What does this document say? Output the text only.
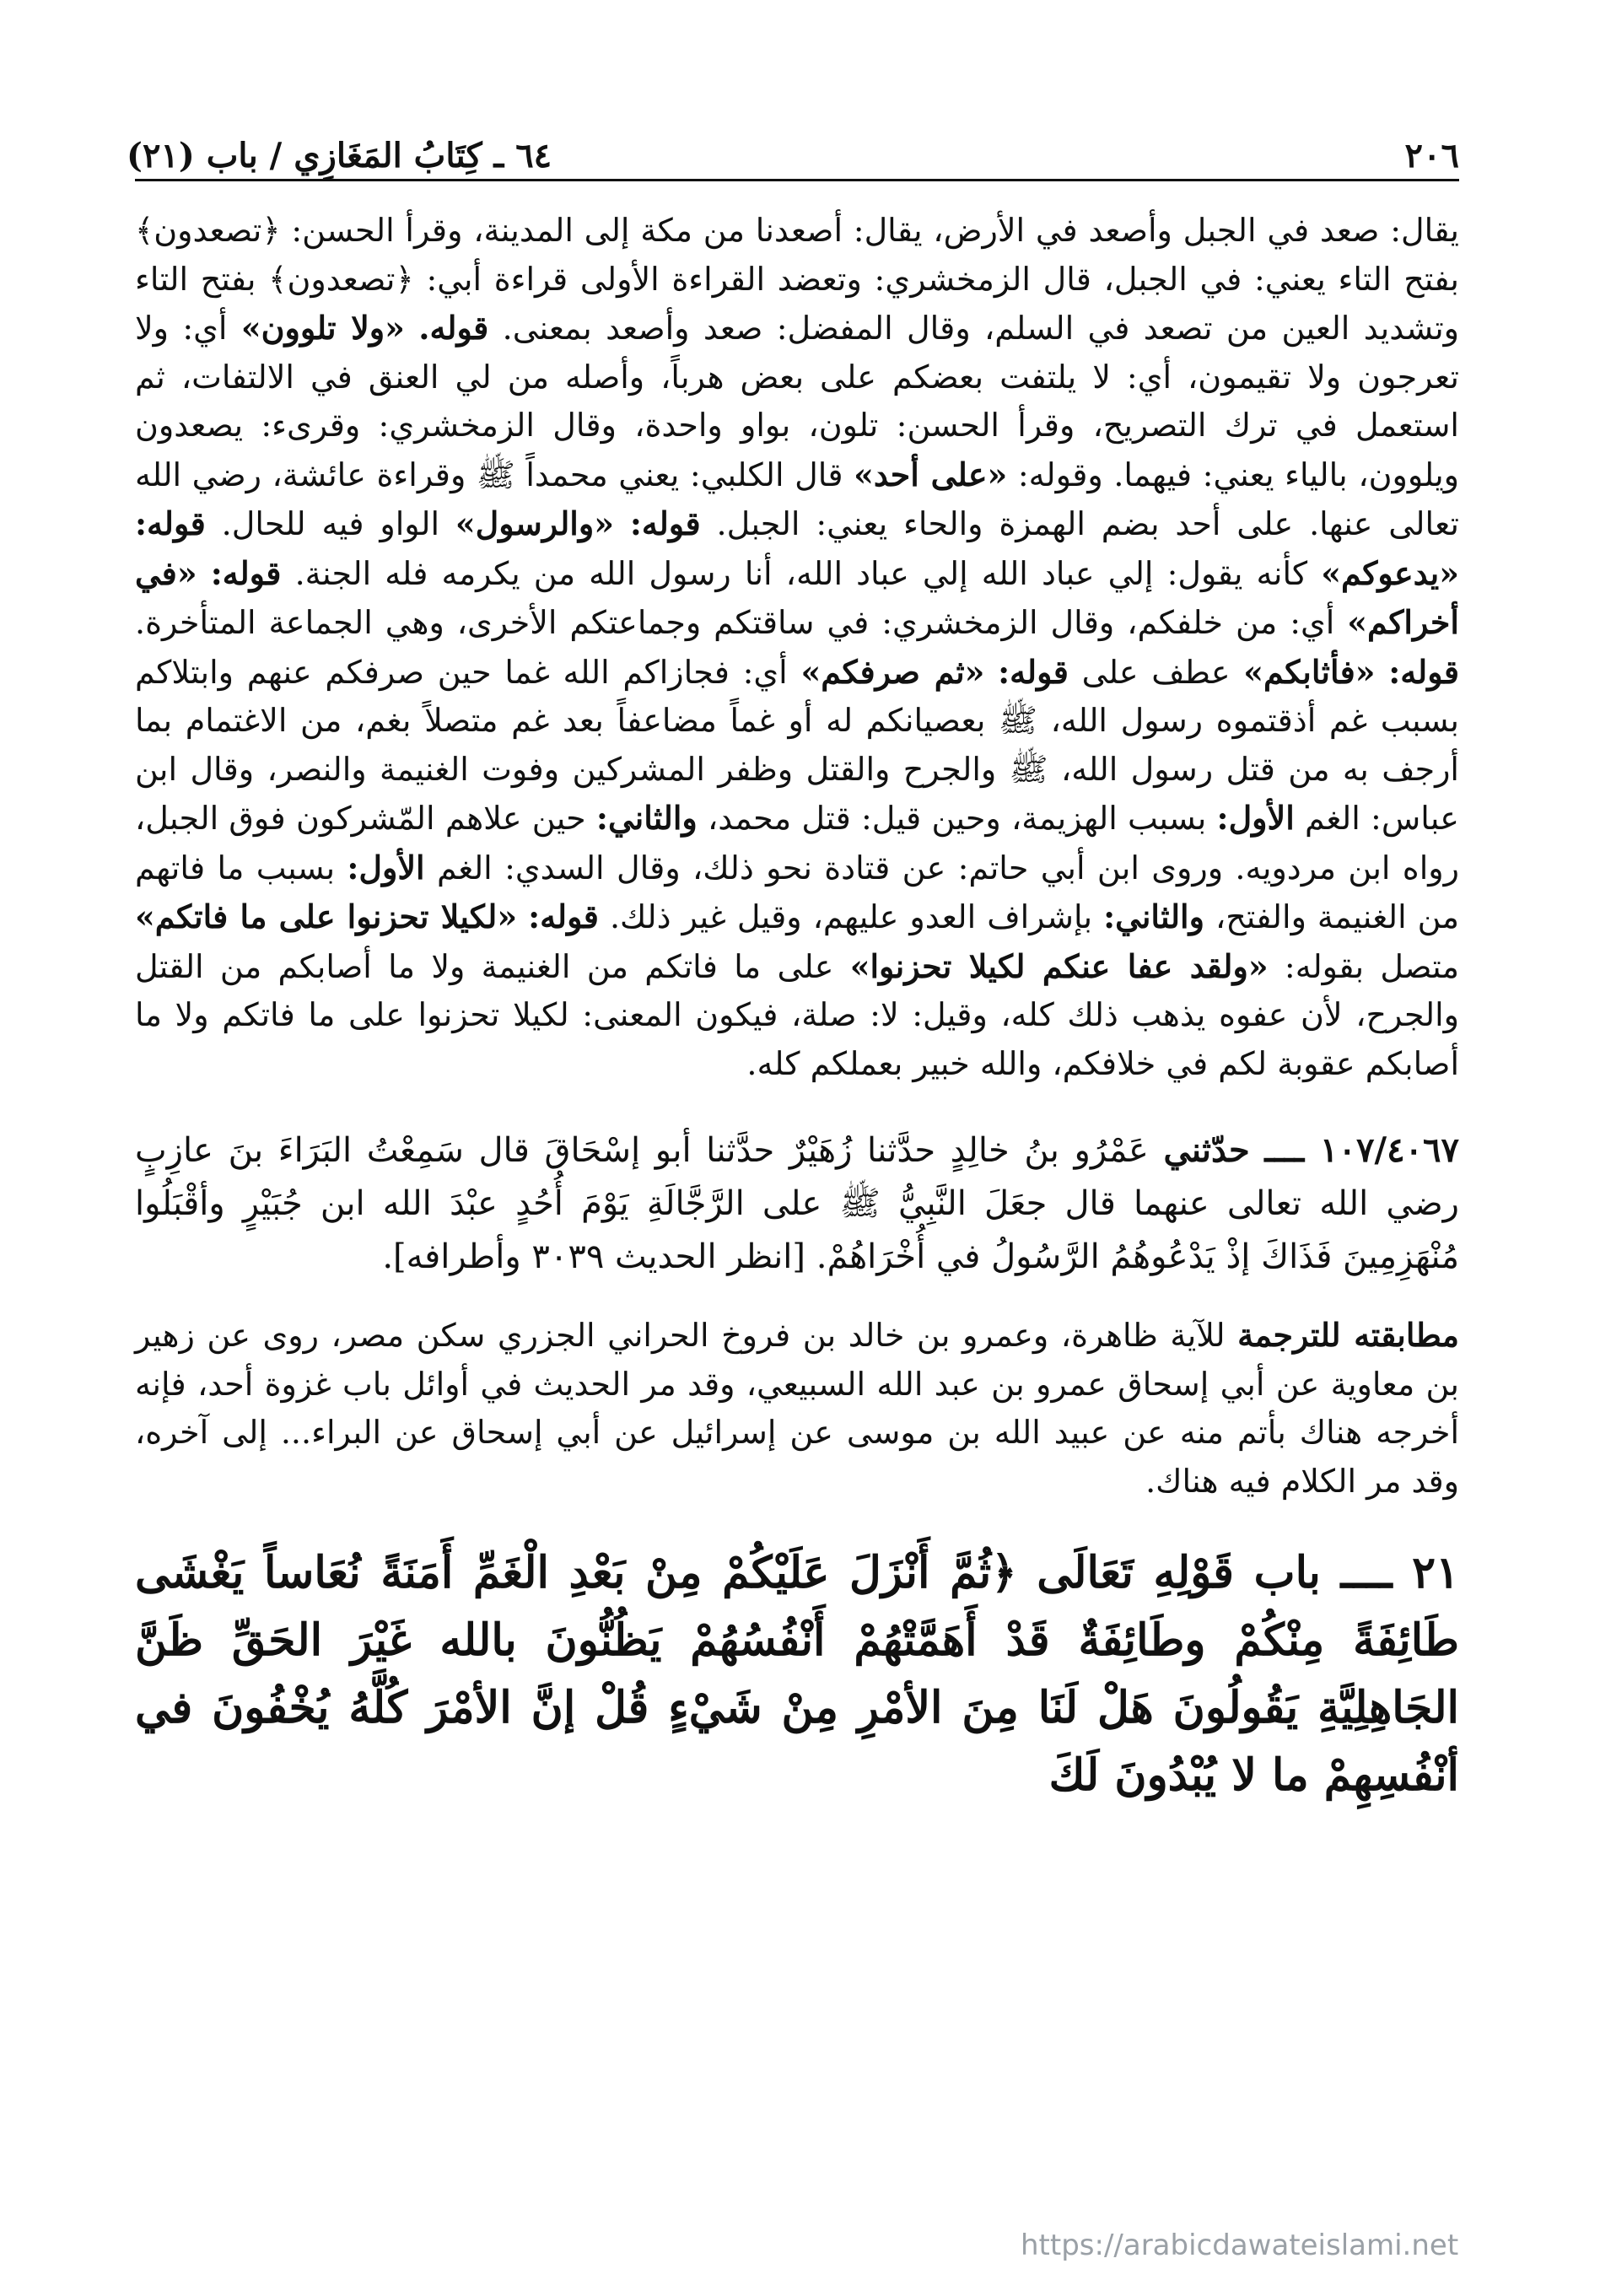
٢٠٦
٦٤ ـ كِتَابُ المَغَازِي / باب (٢١)

يقال: صعد في الجبل وأصعد في الأرض، يقال: أصعدنا من مكة إلى المدينة، وقرأ الحسن: ﴿تصعدون﴾ بفتح التاء يعني: في الجبل، قال الزمخشري: وتعضد القراءة الأولى قراءة أبي: ﴿تصعدون﴾ بفتح التاء وتشديد العين من تصعد في السلم، وقال المفضل: صعد وأصعد بمعنى. قوله. «ولا تلوون» أي: ولا تعرجون ولا تقيمون، أي: لا يلتفت بعضكم على بعض هرباً، وأصله من لي العنق في الالتفات، ثم استعمل في ترك التصريح، وقرأ الحسن: تلون، بواو واحدة، وقال الزمخشري: وقرىء: يصعدون ويلوون، بالياء يعني: فيهما. وقوله: «على أحد» قال الكلبي: يعني محمداً ﷺ وقراءة عائشة، رضي الله تعالى عنها. على أحد بضم الهمزة والحاء يعني: الجبل. قوله: «والرسول» الواو فيه للحال. قوله: «يدعوكم» كأنه يقول: إلي عباد الله إلي عباد الله، أنا رسول الله من يكرمه فله الجنة. قوله: «في أخراكم» أي: من خلفكم، وقال الزمخشري: في ساقتكم وجماعتكم الأخرى، وهي الجماعة المتأخرة. قوله: «فأثابكم» عطف على قوله: «ثم صرفكم» أي: فجازاكم الله غما حين صرفكم عنهم وابتلاكم بسبب غم أذقتموه رسول الله، ﷺ بعصيانكم له أو غماً مضاعفاً بعد غم متصلاً بغم، من الاغتمام بما أرجف به من قتل رسول الله، ﷺ والجرح والقتل وظفر المشركين وفوت الغنيمة والنصر، وقال ابن عباس: الغم الأول: بسبب الهزيمة، وحين قيل: قتل محمد، والثاني: حين علاهم المّشركون فوق الجبل، رواه ابن مردويه. وروى ابن أبي حاتم: عن قتادة نحو ذلك، وقال السدي: الغم الأول: بسبب ما فاتهم من الغنيمة والفتح، والثاني: بإشراف العدو عليهم، وقيل غير ذلك. قوله: «لكيلا تحزنوا على ما فاتكم» متصل بقوله: «ولقد عفا عنكم لكيلا تحزنوا» على ما فاتكم من الغنيمة ولا ما أصابكم من القتل والجرح، لأن عفوه يذهب ذلك كله، وقيل: لا: صلة، فيكون المعنى: لكيلا تحزنوا على ما فاتكم ولا ما أصابكم عقوبة لكم في خلافكم، والله خبير بعملكم كله.

١٠٧/٤٠٦٧ ــــ حدّثني عَمْرُو بنُ خالِدٍ حدَّثنا زُهَيْرٌ حدَّثنا أبو إسْحَاقَ قال سَمِعْتُ البَرَاءَ بنَ عازِبٍ رضي الله تعالى عنهما قال جعَلَ النَّبِيُّ ﷺ على الرَّجَّالَةِ يَوْمَ أُحُدٍ عبْدَ الله ابن جُبَيْرٍ وأقْبَلُوا مُنْهَزِمِينَ فَذَاكَ إذْ يَدْعُوهُمُ الرَّسُولُ في أُخْرَاهُمْ. [انظر الحديث ٣٠٣٩ وأطرافه].

مطابقته للترجمة للآية ظاهرة، وعمرو بن خالد بن فروخ الحراني الجزري سكن مصر، روى عن زهير بن معاوية عن أبي إسحاق عمرو بن عبد الله السبيعي، وقد مر الحديث في أوائل باب غزوة أحد، فإنه أخرجه هناك بأتم منه عن عبيد الله بن موسى عن إسرائيل عن أبي إسحاق عن البراء... إلى آخره، وقد مر الكلام فيه هناك.

٢١ ــــ باب قَوْلِهِ تَعَالَى ﴿ثُمَّ أَنْزَلَ عَلَيْكُمْ مِنْ بَعْدِ الْغَمِّ أَمَنَةً نُعَاساً يَغْشَى طَائِفَةً مِنْكُمْ وطَائِفَةٌ قَدْ أَهَمَّتْهُمْ أَنْفُسُهُمْ يَظُنُّونَ بالله غَيْرَ الحَقِّ ظَنَّ الجَاهِلِيَّةِ يَقُولُونَ هَلْ لَنَا مِنَ الأمْرِ مِنْ شَيْءٍ قُلْ إنَّ الأمْرَ كُلَّهُ يُخْفُونَ في أنْفُسِهِمْ ما لا يُبْدُونَ لَكَ

https://arabicdawateislami.net
